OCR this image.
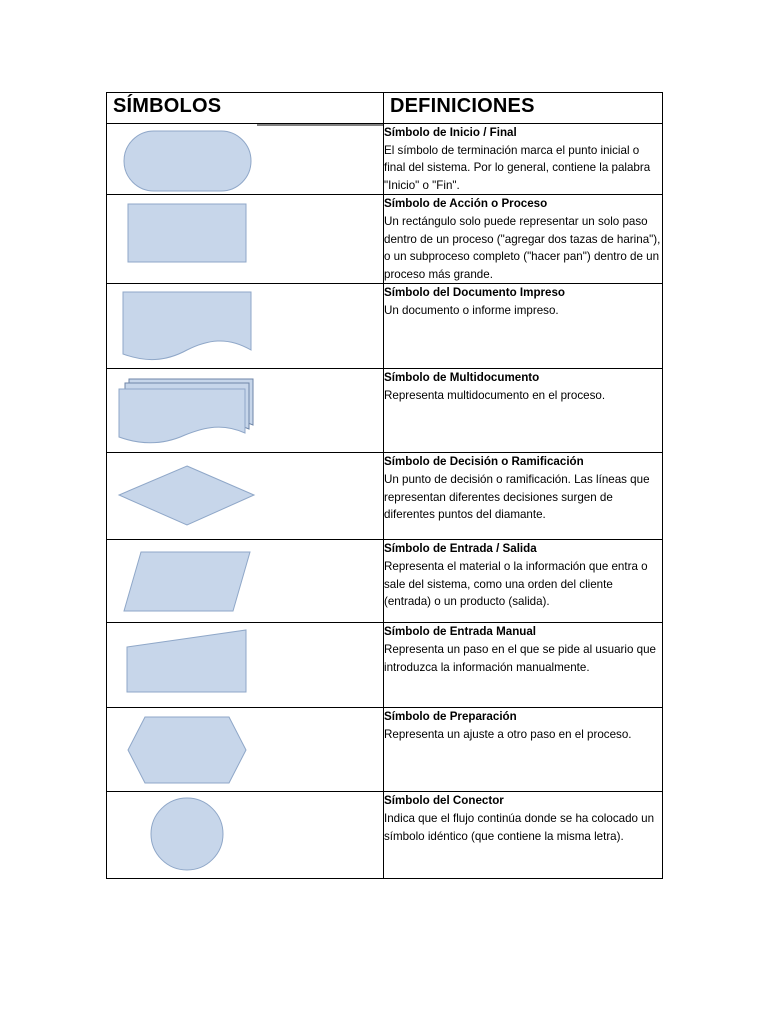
SÍMBOLOS	DEFINICIONES

Símbolo de Inicio / Final
El símbolo de terminación marca el punto inicial o final del sistema. Por lo general, contiene la palabra "Inicio" o "Fin".

Símbolo de Acción o Proceso
Un rectángulo solo puede representar un solo paso dentro de un proceso ("agregar dos tazas de harina"), o un subproceso completo ("hacer pan") dentro de un proceso más grande.

Símbolo del Documento Impreso
Un documento o informe impreso.

Símbolo de Multidocumento
Representa multidocumento en el proceso.

Símbolo de Decisión o Ramificación
Un punto de decisión o ramificación. Las líneas que representan diferentes decisiones surgen de diferentes puntos del diamante.

Símbolo de Entrada / Salida
Representa el material o la información que entra o sale del sistema, como una orden del cliente (entrada) o un producto (salida).

Símbolo de Entrada Manual
Representa un paso en el que se pide al usuario que introduzca la información manualmente.

Símbolo de Preparación
Representa un ajuste a otro paso en el proceso.

Símbolo del Conector
Indica que el flujo continúa donde se ha colocado un símbolo idéntico (que contiene la misma letra).
